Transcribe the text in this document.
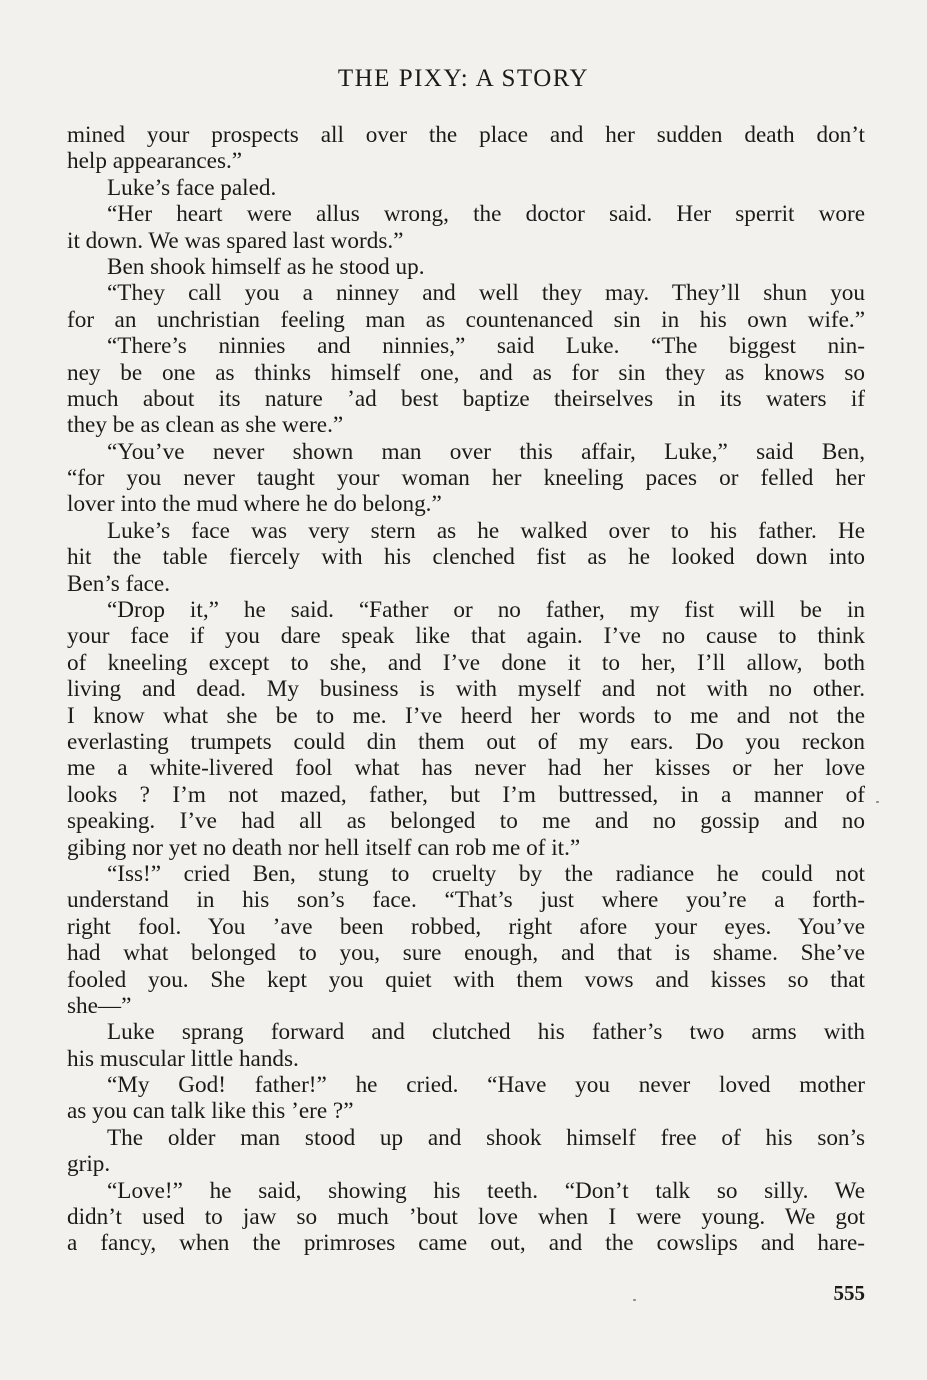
THE PIXY: A STORY
mined your prospects all over the place and her sudden death don’t
help appearances.”
Luke’s face paled.
“Her heart were allus wrong, the doctor said. Her sperrit wore
it down. We was spared last words.”
Ben shook himself as he stood up.
“They call you a ninney and well they may. They’ll shun you
for an unchristian feeling man as countenanced sin in his own wife.”
“There’s ninnies and ninnies,” said Luke. “The biggest nin-
ney be one as thinks himself one, and as for sin they as knows so
much about its nature ’ad best baptize theirselves in its waters if
they be as clean as she were.”
“You’ve never shown man over this affair, Luke,” said Ben,
“for you never taught your woman her kneeling paces or felled her
lover into the mud where he do belong.”
Luke’s face was very stern as he walked over to his father. He
hit the table fiercely with his clenched fist as he looked down into
Ben’s face.
“Drop it,” he said. “Father or no father, my fist will be in
your face if you dare speak like that again. I’ve no cause to think
of kneeling except to she, and I’ve done it to her, I’ll allow, both
living and dead. My business is with myself and not with no other.
I know what she be to me. I’ve heerd her words to me and not the
everlasting trumpets could din them out of my ears. Do you reckon
me a white-livered fool what has never had her kisses or her love
looks ? I’m not mazed, father, but I’m buttressed, in a manner of
speaking. I’ve had all as belonged to me and no gossip and no
gibing nor yet no death nor hell itself can rob me of it.”
“Iss!” cried Ben, stung to cruelty by the radiance he could not
understand in his son’s face. “That’s just where you’re a forth-
right fool. You ’ave been robbed, right afore your eyes. You’ve
had what belonged to you, sure enough, and that is shame. She’ve
fooled you. She kept you quiet with them vows and kisses so that
she—”
Luke sprang forward and clutched his father’s two arms with
his muscular little hands.
“My God! father!” he cried. “Have you never loved mother
as you can talk like this ’ere ?”
The older man stood up and shook himself free of his son’s
grip.
“Love!” he said, showing his teeth. “Don’t talk so silly. We
didn’t used to jaw so much ’bout love when I were young. We got
a fancy, when the primroses came out, and the cowslips and hare-
555
